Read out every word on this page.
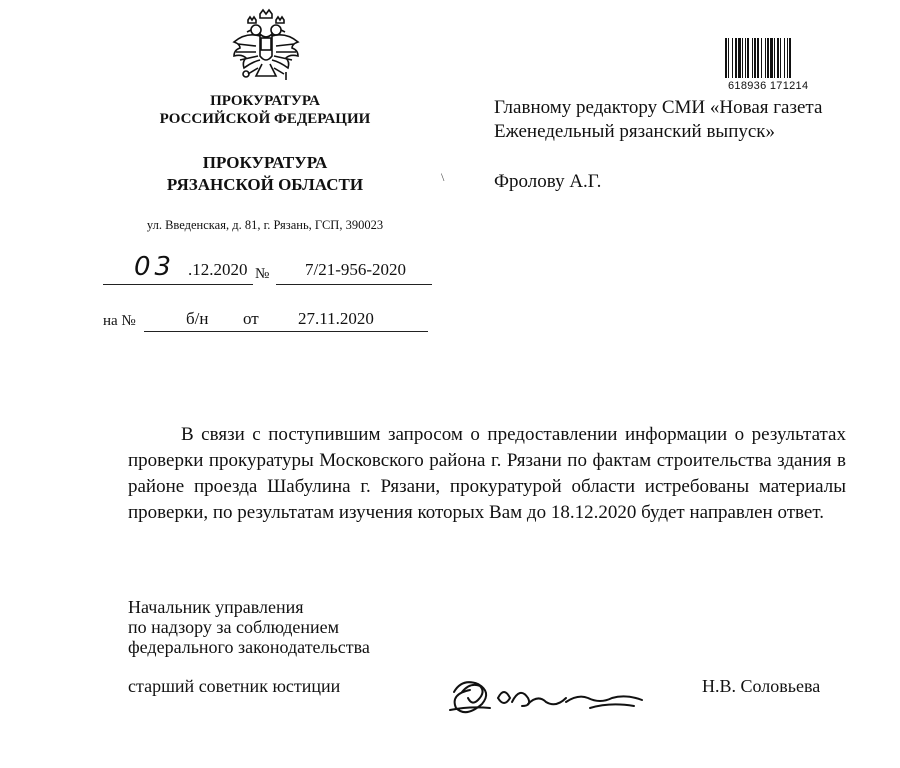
ПРОКУРАТУРА
РОССИЙСКОЙ ФЕДЕРАЦИИ
ПРОКУРАТУРА
РЯЗАНСКОЙ ОБЛАСТИ
ул. Введенская, д. 81, г. Рязань, ГСП, 390023
03 .12.2020 № 7/21-956-2020
на №	б/н от 27.11.2020
618936 171214
Главному редактору СМИ «Новая газета
Еженедельный рязанский выпуск»
Фролову А.Г.
\
В связи с поступившим запросом о предоставлении информации о результатах проверки прокуратуры Московского района г. Рязани по фактам строительства здания в районе проезда Шабулина г. Рязани, прокуратурой области истребованы материалы проверки, по результатам изучения которых Вам до 18.12.2020 будет направлен ответ.
Начальник управления
по надзору за соблюдением
федерального законодательства
старший советник юстиции	Н.В. Соловьева
